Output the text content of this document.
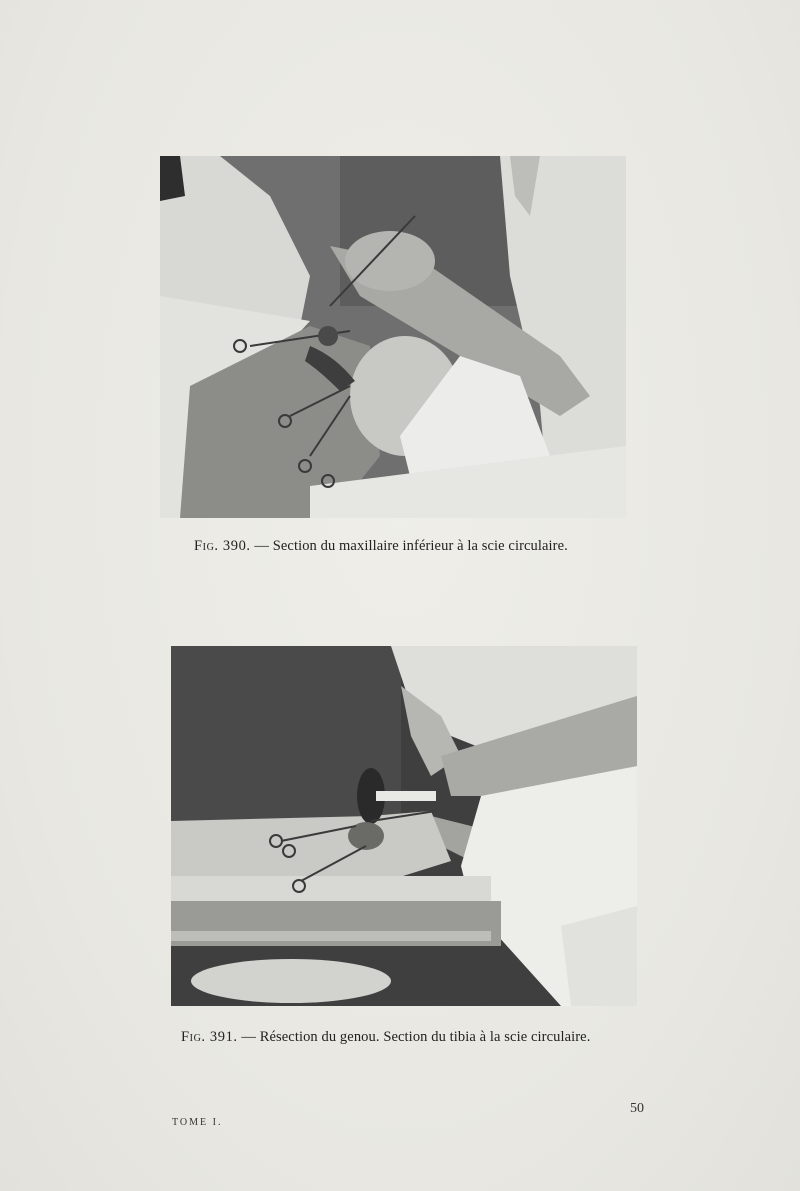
Fig. 390. — Section du maxillaire inférieur à la scie circulaire.
Fig. 391. — Résection du genou. Section du tibia à la scie circulaire.
TOME I.
50
